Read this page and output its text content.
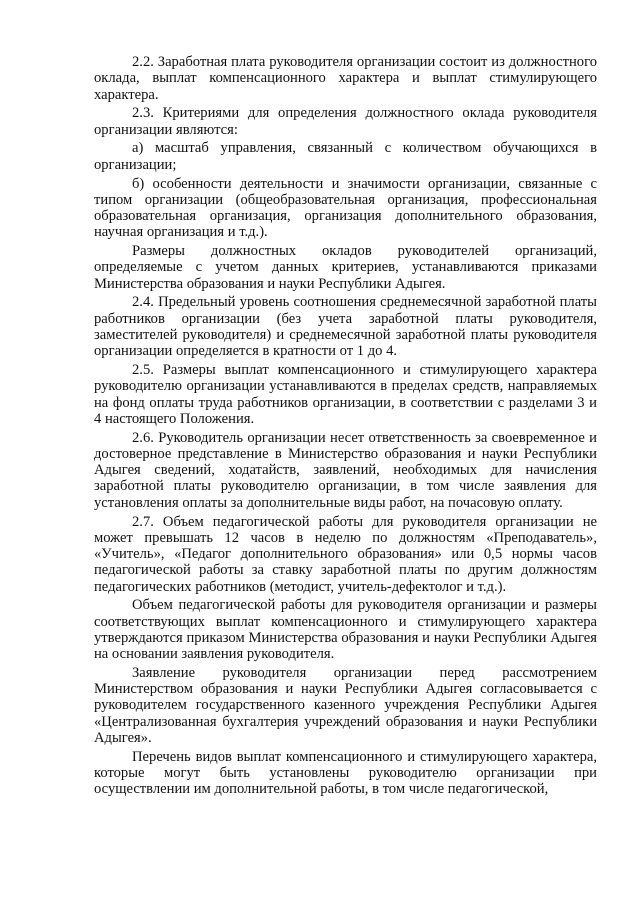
2.2. Заработная плата руководителя организации состоит из должностного оклада, выплат компенсационного характера и выплат стимулирующего характера.

2.3. Критериями для определения должностного оклада руководителя организации являются:

а) масштаб управления, связанный с количеством обучающихся в организации;

б) особенности деятельности и значимости организации, связанные с типом организации (общеобразовательная организация, профессиональная образовательная организация, организация дополнительного образования, научная организация и т.д.).

Размеры должностных окладов руководителей организаций, определяемые с учетом данных критериев, устанавливаются приказами Министерства образования и науки Республики Адыгея.

2.4. Предельный уровень соотношения среднемесячной заработной платы работников организации (без учета заработной платы руководителя, заместителей руководителя) и среднемесячной заработной платы руководителя организации определяется в кратности от 1 до 4.

2.5. Размеры выплат компенсационного и стимулирующего характера руководителю организации устанавливаются в пределах средств, направляемых на фонд оплаты труда работников организации, в соответствии с разделами 3 и 4 настоящего Положения.

2.6. Руководитель организации несет ответственность за своевременное и достоверное представление в Министерство образования и науки Республики Адыгея сведений, ходатайств, заявлений, необходимых для начисления заработной платы руководителю организации, в том числе заявления для установления оплаты за дополнительные виды работ, на почасовую оплату.

2.7. Объем педагогической работы для руководителя организации не может превышать 12 часов в неделю по должностям «Преподаватель», «Учитель», «Педагог дополнительного образования» или 0,5 нормы часов педагогической работы за ставку заработной платы по другим должностям педагогических работников (методист, учитель-дефектолог и т.д.).

Объем педагогической работы для руководителя организации и размеры соответствующих выплат компенсационного и стимулирующего характера утверждаются приказом Министерства образования и науки Республики Адыгея на основании заявления руководителя.

Заявление руководителя организации перед рассмотрением Министерством образования и науки Республики Адыгея согласовывается с руководителем государственного казенного учреждения Республики Адыгея «Централизованная бухгалтерия учреждений образования и науки Республики Адыгея».

Перечень видов выплат компенсационного и стимулирующего характера, которые могут быть установлены руководителю организации при осуществлении им дополнительной работы, в том числе педагогической,
